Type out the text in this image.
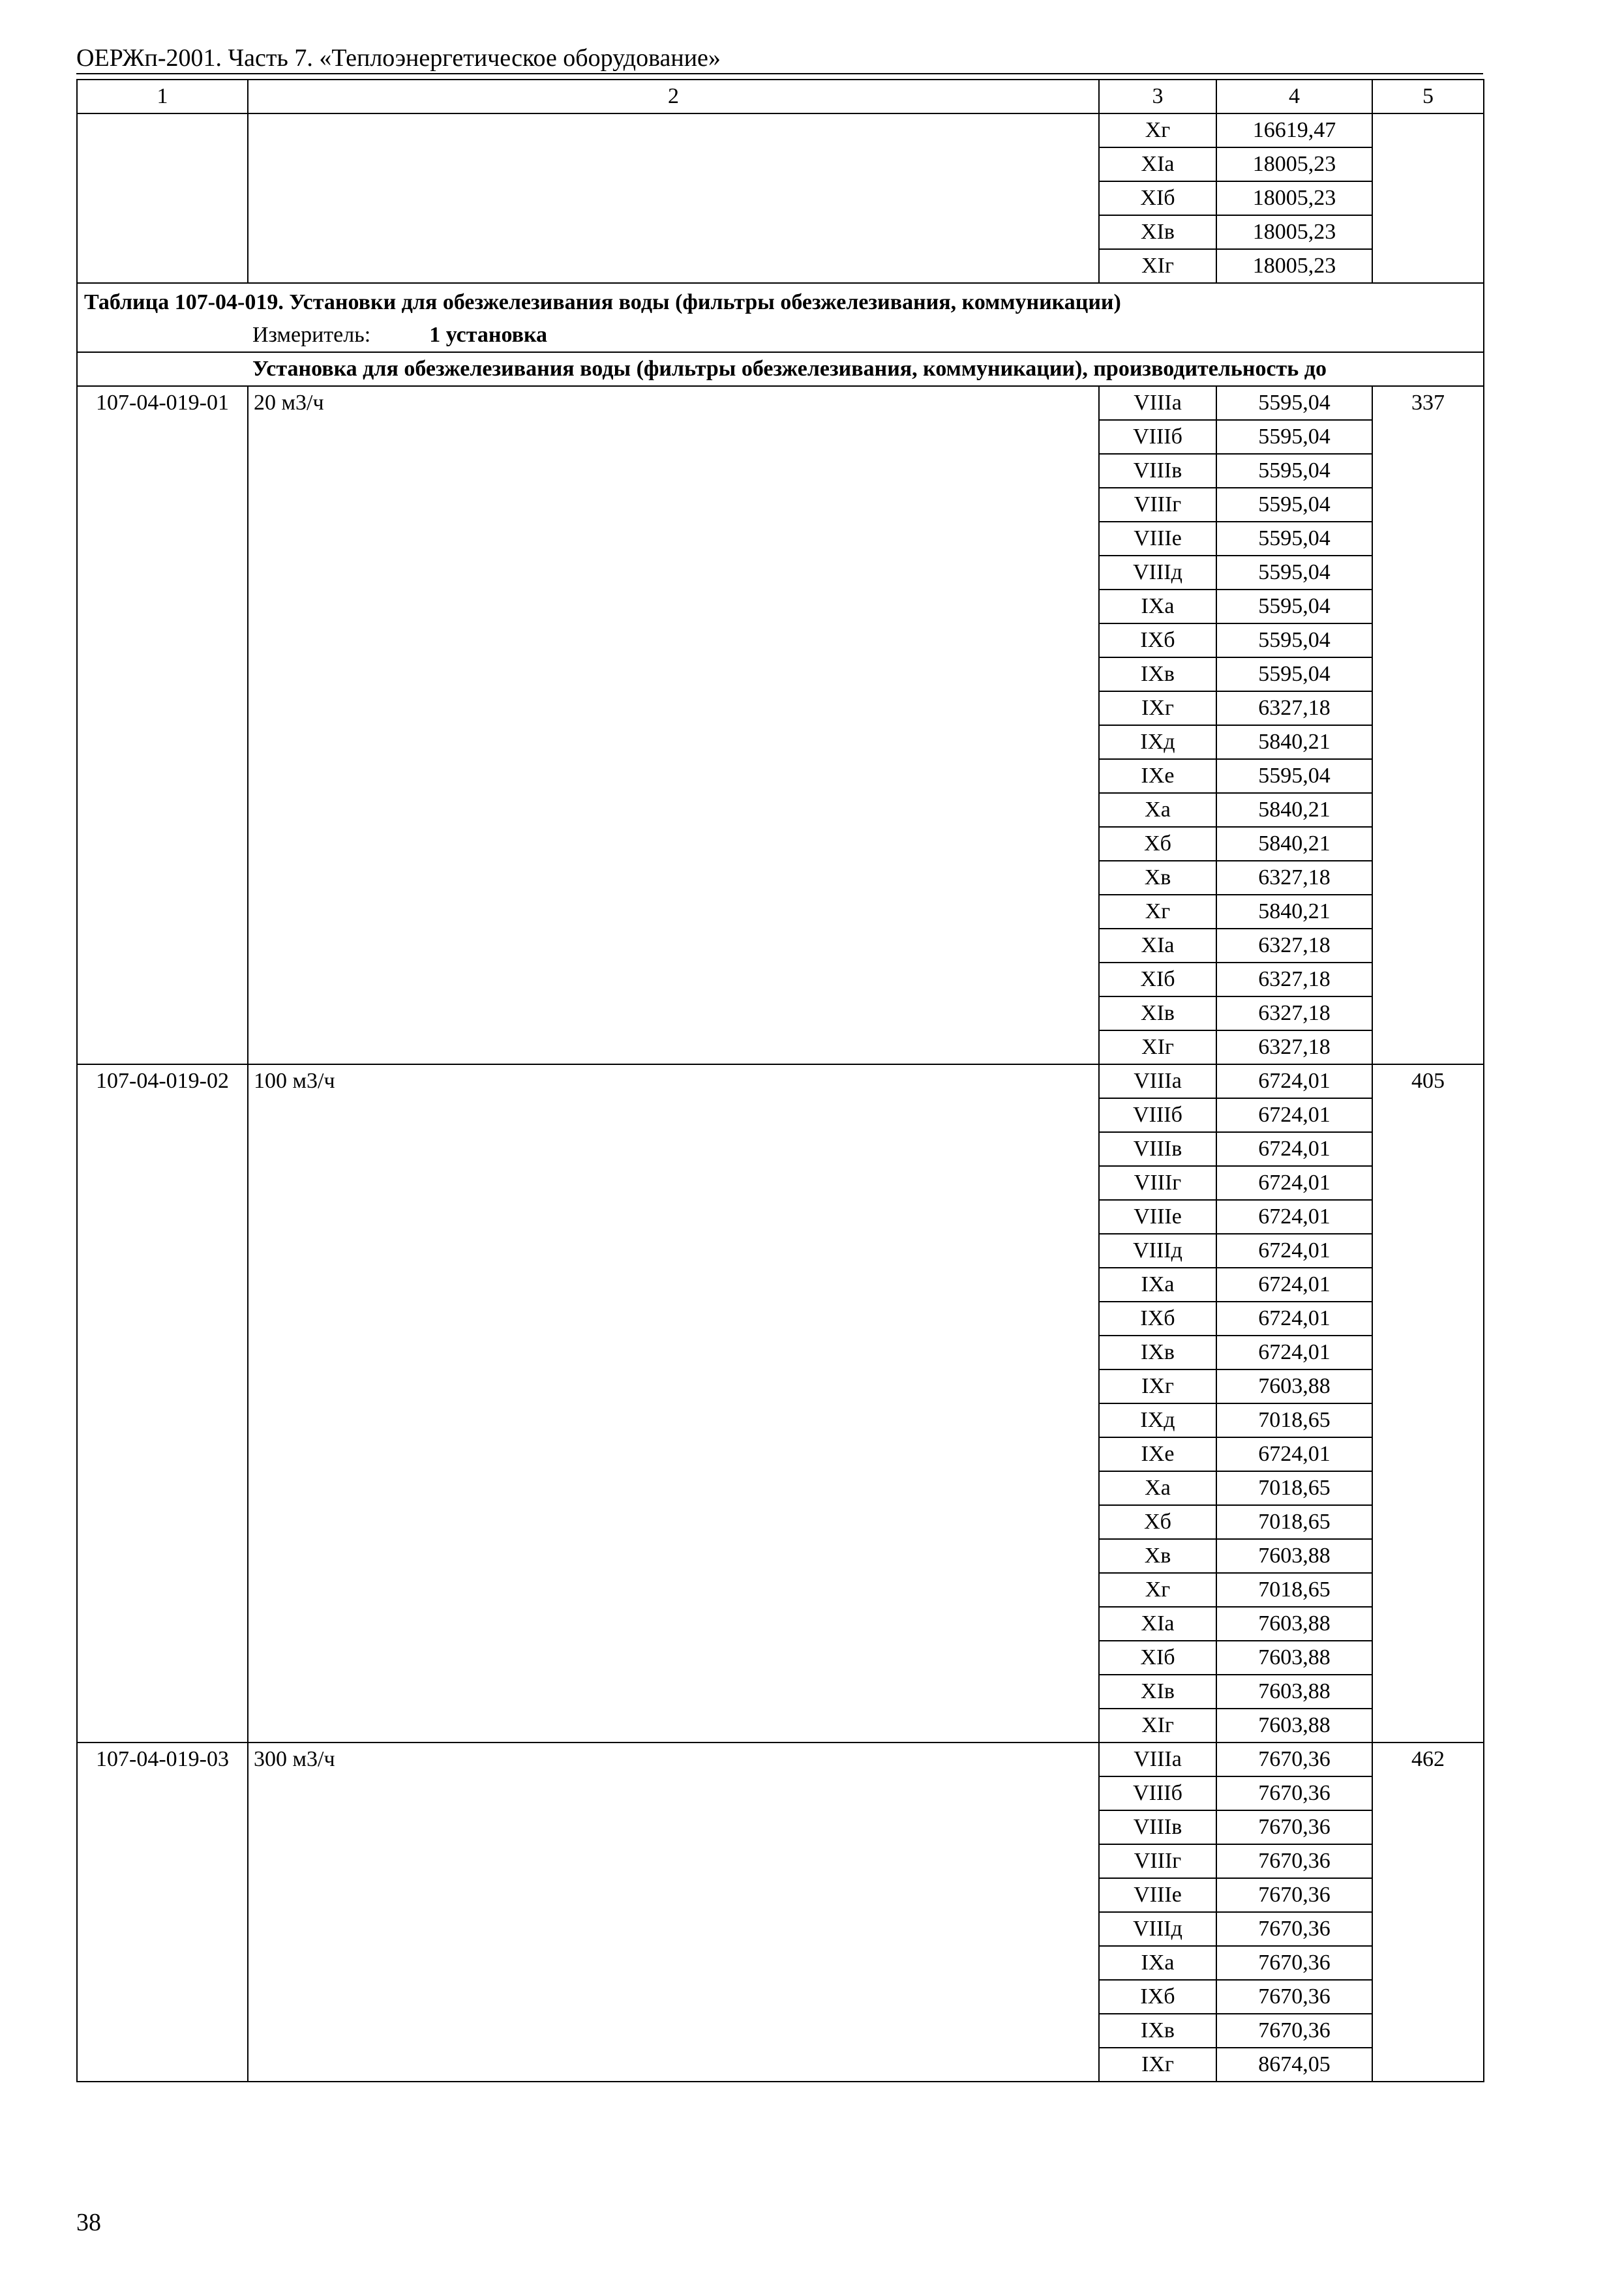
ОЕРЖп-2001. Часть 7. «Теплоэнергетическое оборудование»
1	2	3	4	5
		Хг	16619,47	
		XIа	18005,23	
		XIб	18005,23	
		XIв	18005,23	
		XIг	18005,23	
Таблица 107-04-019. Установки для обезжелезивания воды (фильтры обезжелезивания, коммуникации)				
Измеритель: 1 установка				
Установка для обезжелезивания воды (фильтры обезжелезивания, коммуникации), производительность до				
107-04-019-01	20 м3/ч	VIIIа	5595,04	337
		VIIIб	5595,04	
		VIIIв	5595,04	
		VIIIг	5595,04	
		VIIIе	5595,04	
		VIIIд	5595,04	
		IХа	5595,04	
		IХб	5595,04	
		IХв	5595,04	
		IХг	6327,18	
		IХд	5840,21	
		IХе	5595,04	
		Ха	5840,21	
		Хб	5840,21	
		Хв	6327,18	
		Хг	5840,21	
		XIа	6327,18	
		XIб	6327,18	
		XIв	6327,18	
		XIг	6327,18	
107-04-019-02	100 м3/ч	VIIIа	6724,01	405
		VIIIб	6724,01	
		VIIIв	6724,01	
		VIIIг	6724,01	
		VIIIе	6724,01	
		VIIIд	6724,01	
		IХа	6724,01	
		IХб	6724,01	
		IХв	6724,01	
		IХг	7603,88	
		IХд	7018,65	
		IХе	6724,01	
		Ха	7018,65	
		Хб	7018,65	
		Хв	7603,88	
		Хг	7018,65	
		XIа	7603,88	
		XIб	7603,88	
		XIв	7603,88	
		XIг	7603,88	
107-04-019-03	300 м3/ч	VIIIа	7670,36	462
		VIIIб	7670,36	
		VIIIв	7670,36	
		VIIIг	7670,36	
		VIIIе	7670,36	
		VIIIд	7670,36	
		IХа	7670,36	
		IХб	7670,36	
		IХв	7670,36	
		IХг	8674,05	
38
